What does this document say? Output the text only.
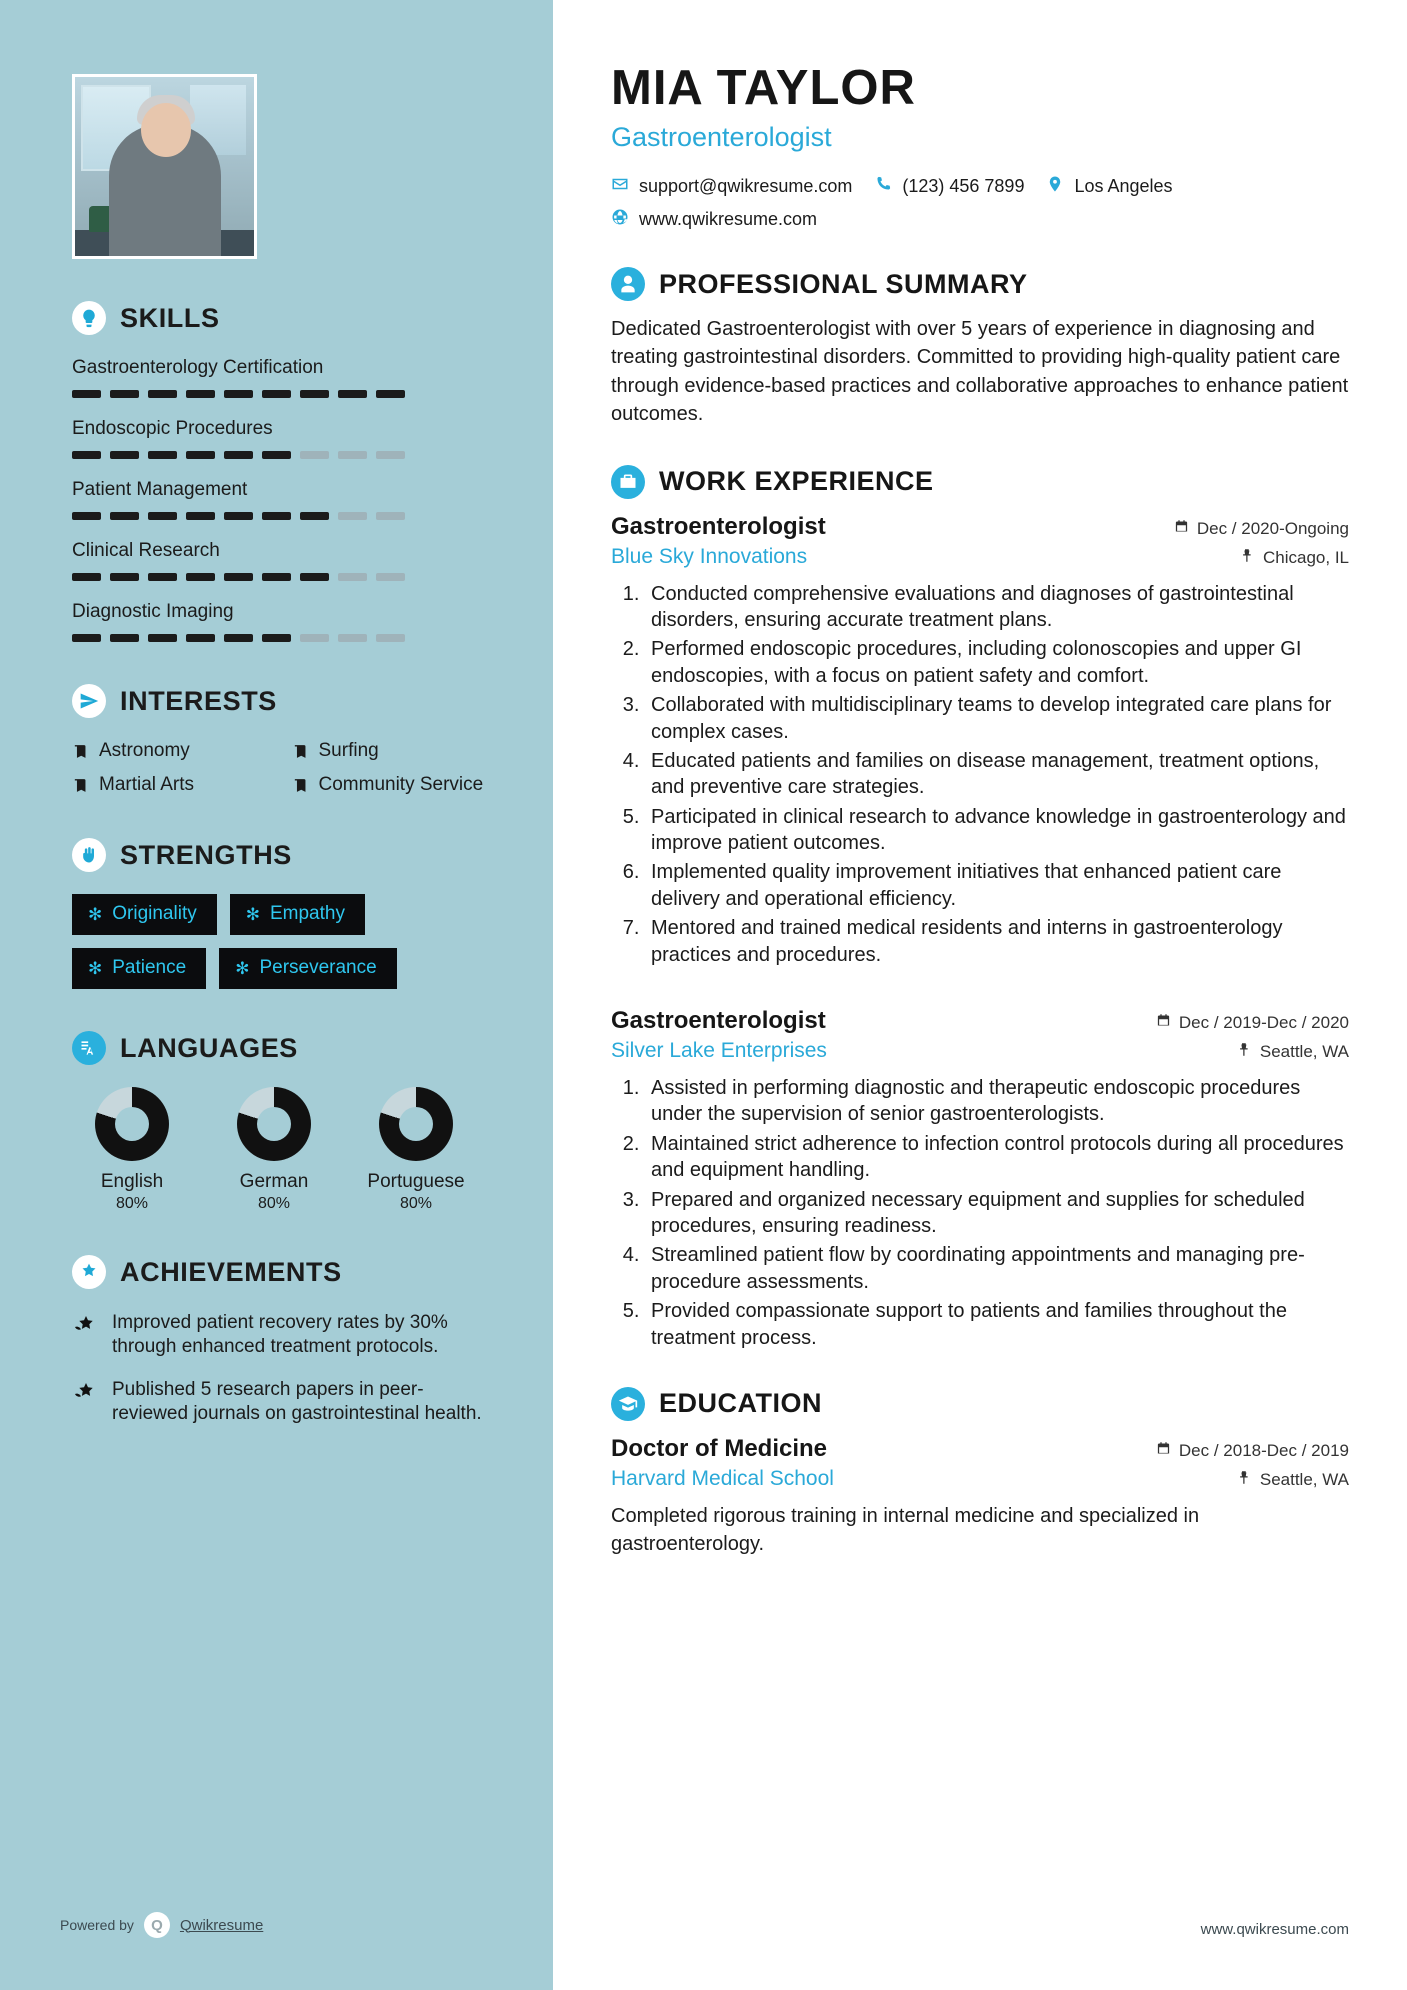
SKILLS
Gastroenterology Certification
Endoscopic Procedures
Patient Management
Clinical Research
Diagnostic Imaging
INTERESTS
Astronomy	Surfing
Martial Arts	Community Service
STRENGTHS
✻ Originality	✻ Empathy
✻ Patience	✻ Perseverance
LANGUAGES
English
80%
German
80%
Portuguese
80%
ACHIEVEMENTS
Improved patient recovery rates by 30% through enhanced treatment protocols.
Published 5 research papers in peer-reviewed journals on gastrointestinal health.
Powered by	Q	Qwikresume
MIA TAYLOR
Gastroenterologist
support@qwikresume.com	(123) 456 7899	Los Angeles
www.qwikresume.com
PROFESSIONAL SUMMARY

Dedicated Gastroenterologist with over 5 years of experience in diagnosing and treating gastrointestinal disorders. Committed to providing high-quality patient care through evidence-based practices and collaborative approaches to enhance patient outcomes.

WORK EXPERIENCE
Gastroenterologist	Dec / 2020-Ongoing
Blue Sky Innovations	Chicago, IL
1. Conducted comprehensive evaluations and diagnoses of gastrointestinal disorders, ensuring accurate treatment plans.
2. Performed endoscopic procedures, including colonoscopies and upper GI endoscopies, with a focus on patient safety and comfort.
3. Collaborated with multidisciplinary teams to develop integrated care plans for complex cases.
4. Educated patients and families on disease management, treatment options, and preventive care strategies.
5. Participated in clinical research to advance knowledge in gastroenterology and improve patient outcomes.
6. Implemented quality improvement initiatives that enhanced patient care delivery and operational efficiency.
7. Mentored and trained medical residents and interns in gastroenterology practices and procedures.
Gastroenterologist	Dec / 2019-Dec / 2020
Silver Lake Enterprises	Seattle, WA
1. Assisted in performing diagnostic and therapeutic endoscopic procedures under the supervision of senior gastroenterologists.
2. Maintained strict adherence to infection control protocols during all procedures and equipment handling.
3. Prepared and organized necessary equipment and supplies for scheduled procedures, ensuring readiness.
4. Streamlined patient flow by coordinating appointments and managing pre-procedure assessments.
5. Provided compassionate support to patients and families throughout the treatment process.
EDUCATION
Doctor of Medicine	Dec / 2018-Dec / 2019
Harvard Medical School	Seattle, WA

Completed rigorous training in internal medicine and specialized in gastroenterology.

www.qwikresume.com
